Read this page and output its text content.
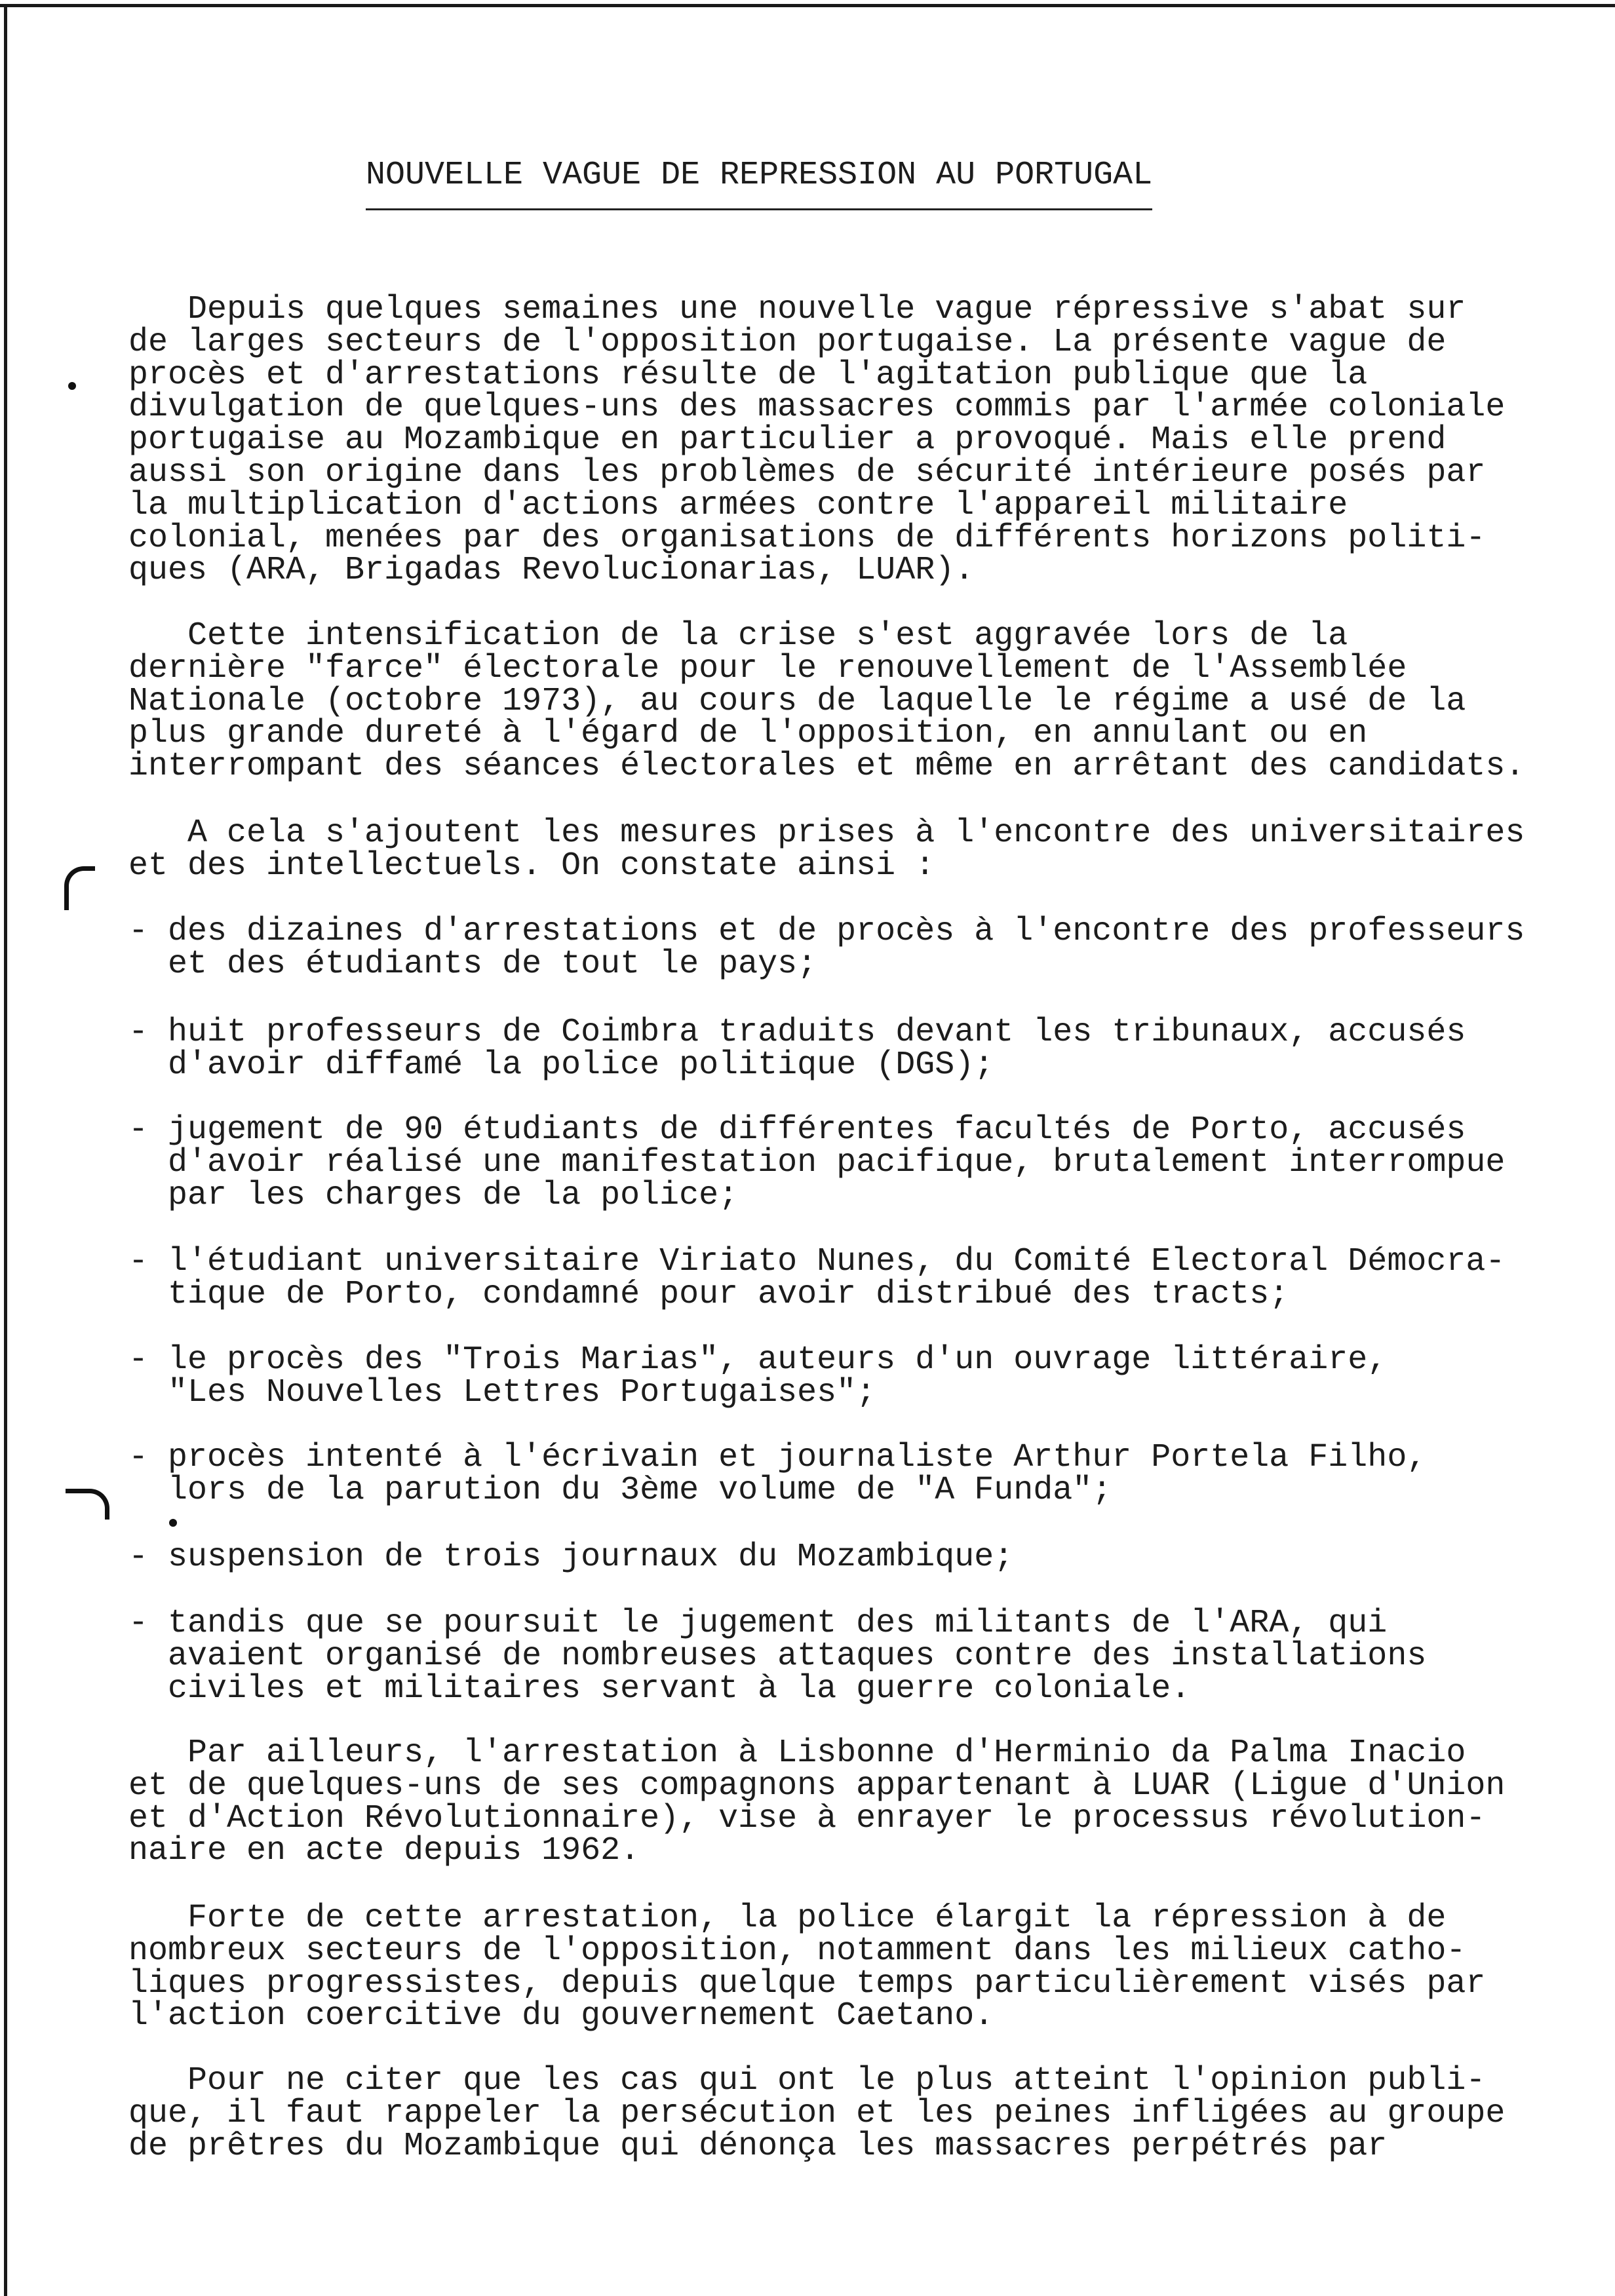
NOUVELLE VAGUE DE REPRESSION AU PORTUGAL

Depuis quelques semaines une nouvelle vague répressive s'abat sur
de larges secteurs de l'opposition portugaise. La présente vague de
procès et d'arrestations résulte de l'agitation publique que la
divulgation de quelques-uns des massacres commis par l'armée coloniale
portugaise au Mozambique en particulier a provoqué. Mais elle prend
aussi son origine dans les problèmes de sécurité intérieure posés par
la multiplication d'actions armées contre l'appareil militaire
colonial, menées par des organisations de différents horizons politi-
ques (ARA, Brigadas Revolucionarias, LUAR).

Cette intensification de la crise s'est aggravée lors de la
dernière "farce" électorale pour le renouvellement de l'Assemblée
Nationale (octobre 1973), au cours de laquelle le régime a usé de la
plus grande dureté à l'égard de l'opposition, en annulant ou en
interrompant des séances électorales et même en arrêtant des candidats.

A cela s'ajoutent les mesures prises à l'encontre des universitaires
et des intellectuels. On constate ainsi :

- des dizaines d'arrestations et de procès à l'encontre des professeurs
et des étudiants de tout le pays;

- huit professeurs de Coimbra traduits devant les tribunaux, accusés
d'avoir diffamé la police politique (DGS);

- jugement de 90 étudiants de différentes facultés de Porto, accusés
d'avoir réalisé une manifestation pacifique, brutalement interrompue
par les charges de la police;

- l'étudiant universitaire Viriato Nunes, du Comité Electoral Démocra-
tique de Porto, condamné pour avoir distribué des tracts;

- le procès des "Trois Marias", auteurs d'un ouvrage littéraire,
"Les Nouvelles Lettres Portugaises";

- procès intenté à l'écrivain et journaliste Arthur Portela Filho,
lors de la parution du 3ème volume de "A Funda";

- suspension de trois journaux du Mozambique;

- tandis que se poursuit le jugement des militants de l'ARA, qui
avaient organisé de nombreuses attaques contre des installations
civiles et militaires servant à la guerre coloniale.

Par ailleurs, l'arrestation à Lisbonne d'Herminio da Palma Inacio
et de quelques-uns de ses compagnons appartenant à LUAR (Ligue d'Union
et d'Action Révolutionnaire), vise à enrayer le processus révolution-
naire en acte depuis 1962.

Forte de cette arrestation, la police élargit la répression à de
nombreux secteurs de l'opposition, notamment dans les milieux catho-
liques progressistes, depuis quelque temps particulièrement visés par
l'action coercitive du gouvernement Caetano.

Pour ne citer que les cas qui ont le plus atteint l'opinion publi-
que, il faut rappeler la persécution et les peines infligées au groupe
de prêtres du Mozambique qui dénonça les massacres perpétrés par
